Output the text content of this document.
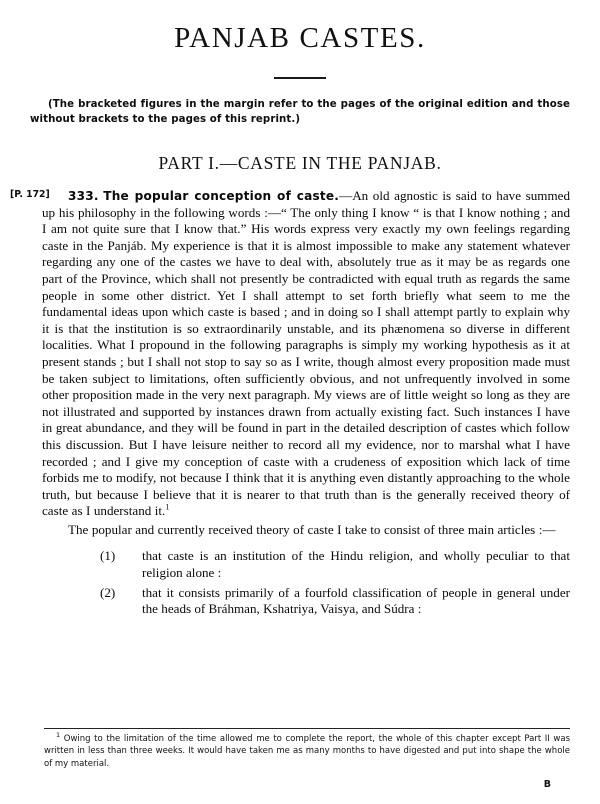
PANJAB CASTES.

(The bracketed figures in the margin refer to the pages of the original edition and those without brackets to the pages of this reprint.)

PART I.—CASTE IN THE PANJAB.
[P. 172]	333. The popular conception of caste.—An old agnostic is said to have summed up his philosophy in the following words :—“ The only thing I know “ is that I know nothing ; and I am not quite sure that I know that.” His words express very exactly my own feelings regarding caste in the Panjáb. My experience is that it is almost impossible to make any statement whatever regarding any one of the castes we have to deal with, absolutely true as it may be as regards one part of the Province, which shall not presently be contradicted with equal truth as regards the same people in some other district. Yet I shall attempt to set forth briefly what seem to me the fundamental ideas upon which caste is based ; and in doing so I shall attempt partly to explain why it is that the institution is so extraordinarily unstable, and its phænomena so diverse in different localities. What I propound in the following paragraphs is simply my working hypothesis as it at present stands ; but I shall not stop to say so as I write, though almost every proposition made must be taken subject to limitations, often sufficiently obvious, and not unfrequently involved in some other proposition made in the very next paragraph. My views are of little weight so long as they are not illustrated and supported by instances drawn from actually existing fact. Such instances I have in great abundance, and they will be found in part in the detailed description of castes which follow this discussion. But I have leisure neither to record all my evidence, nor to marshal what I have recorded ; and I give my conception of caste with a crudeness of exposition which lack of time forbids me to modify, not because I think that it is anything even distantly approaching to the whole truth, but because I believe that it is nearer to that truth than is the generally received theory of caste as I understand it.$^1$

The popular and currently received theory of caste I take to consist of three main articles :—

(1)	that caste is an institution of the Hindu religion, and wholly peculiar to that religion alone :
(2)	that it consists primarily of a fourfold classification of people in general under the heads of Bráhman, Kshatriya, Vaisya, and Súdra :

$^1$ Owing to the limitation of the time allowed me to complete the report, the whole of this chapter except Part II was written in less than three weeks. It would have taken me as many months to have digested and put into shape the whole of my material.

B
